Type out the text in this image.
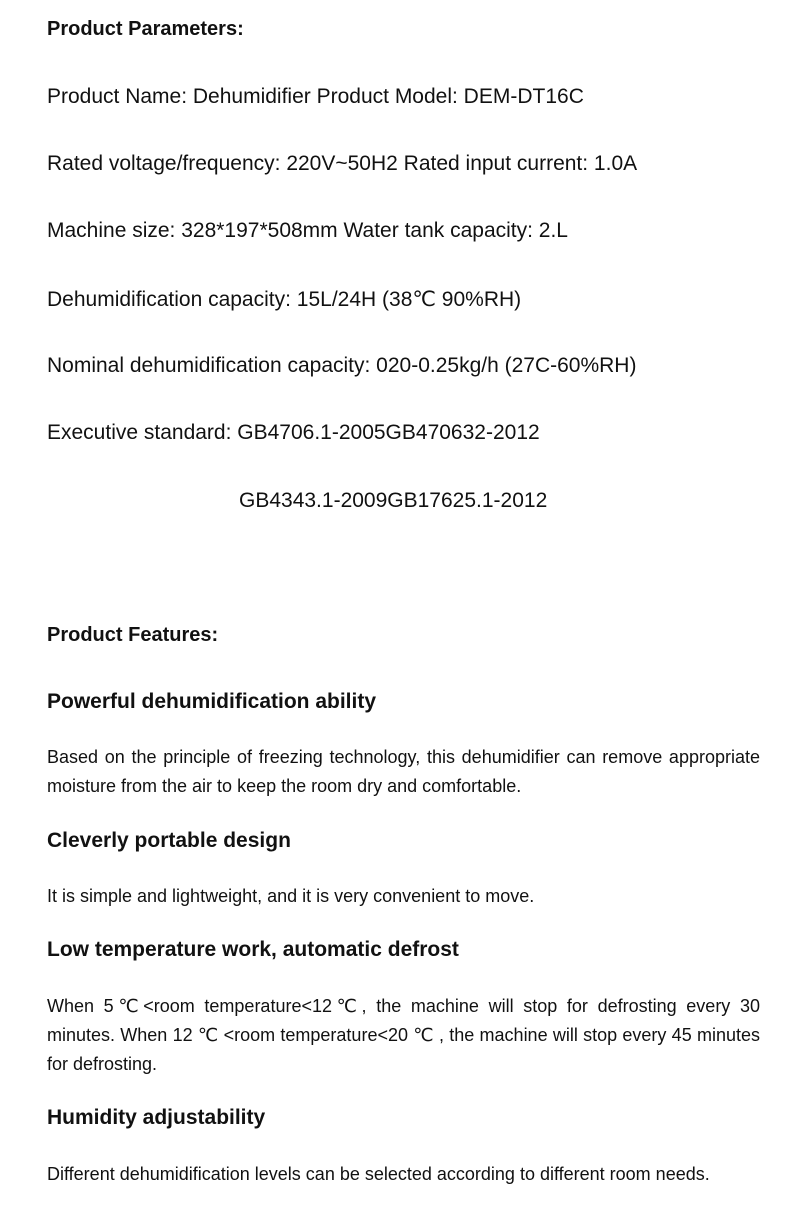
Product Parameters:
Product Name: Dehumidifier Product Model: DEM-DT16C
Rated voltage/frequency: 220V~50H2 Rated input current: 1.0A
Machine size: 328*197*508mm Water tank capacity: 2.L
Dehumidification capacity: 15L/24H (38℃ 90%RH)
Nominal dehumidification capacity: 020-0.25kg/h (27C-60%RH)
Executive standard: GB4706.1-2005GB470632-2012
GB4343.1-2009GB17625.1-2012
Product Features:
Powerful dehumidification ability
Based on the principle of freezing technology, this dehumidifier can remove appropriate moisture from the air to keep the room dry and comfortable.
Cleverly portable design
It is simple and lightweight, and it is very convenient to move.
Low temperature work, automatic defrost
When 5℃<room temperature<12℃, the machine will stop for defrosting every 30 minutes. When 12 ℃ <room temperature<20 ℃ , the machine will stop every 45 minutes for defrosting.
Humidity adjustability
Different dehumidification levels can be selected according to different room needs.
